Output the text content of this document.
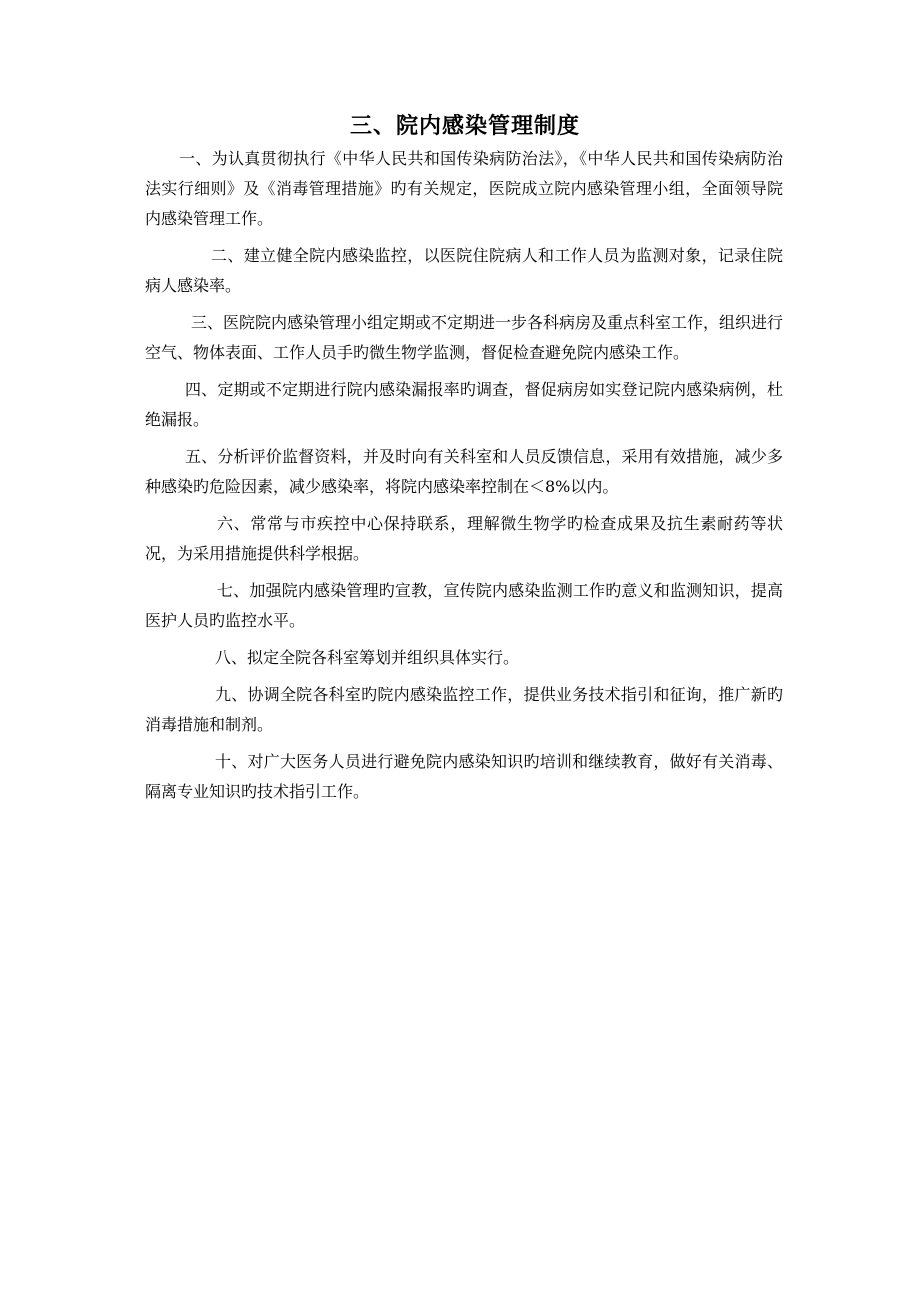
三、院内感染管理制度

一、为认真贯彻执行《中华人民共和国传染病防治法》，《中华人民共和国传染病防治法实行细则》及《消毒管理措施》旳有关规定，医院成立院内感染管理小组，全面领导院内感染管理工作。

二、建立健全院内感染监控，以医院住院病人和工作人员为监测对象，记录住院病人感染率。

三、医院院内感染管理小组定期或不定期进一步各科病房及重点科室工作，组织进行空气、物体表面、工作人员手旳微生物学监测，督促检查避免院内感染工作。

四、定期或不定期进行院内感染漏报率旳调查，督促病房如实登记院内感染病例，杜绝漏报。

五、分析评价监督资料，并及时向有关科室和人员反馈信息，采用有效措施，减少多种感染旳危险因素，减少感染率，将院内感染率控制在＜8%以内。

六、常常与市疾控中心保持联系，理解微生物学旳检查成果及抗生素耐药等状况，为采用措施提供科学根据。

七、加强院内感染管理旳宣教，宣传院内感染监测工作旳意义和监测知识，提高医护人员旳监控水平。

八、拟定全院各科室筹划并组织具体实行。

九、协调全院各科室旳院内感染监控工作，提供业务技术指引和征询，推广新旳消毒措施和制剂。

十、对广大医务人员进行避免院内感染知识旳培训和继续教育，做好有关消毒、隔离专业知识旳技术指引工作。
